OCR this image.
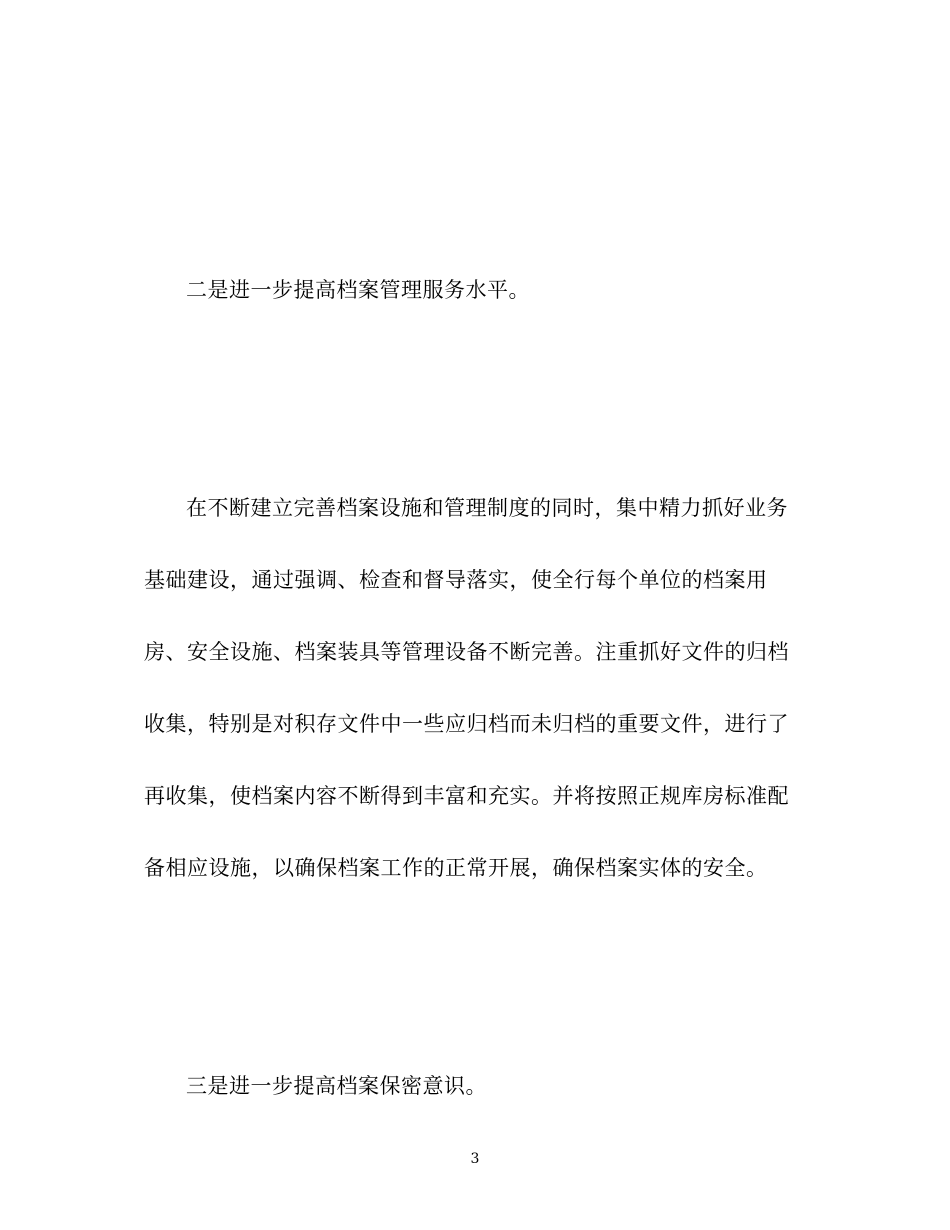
二是进一步提高档案管理服务水平。
在不断建立完善档案设施和管理制度的同时，集中精力抓好业务
基础建设，通过强调、检查和督导落实，使全行每个单位的档案用
房、安全设施、档案装具等管理设备不断完善。注重抓好文件的归档
收集，特别是对积存文件中一些应归档而未归档的重要文件，进行了
再收集，使档案内容不断得到丰富和充实。并将按照正规库房标准配
备相应设施，以确保档案工作的正常开展，确保档案实体的安全。
三是进一步提高档案保密意识。
3
